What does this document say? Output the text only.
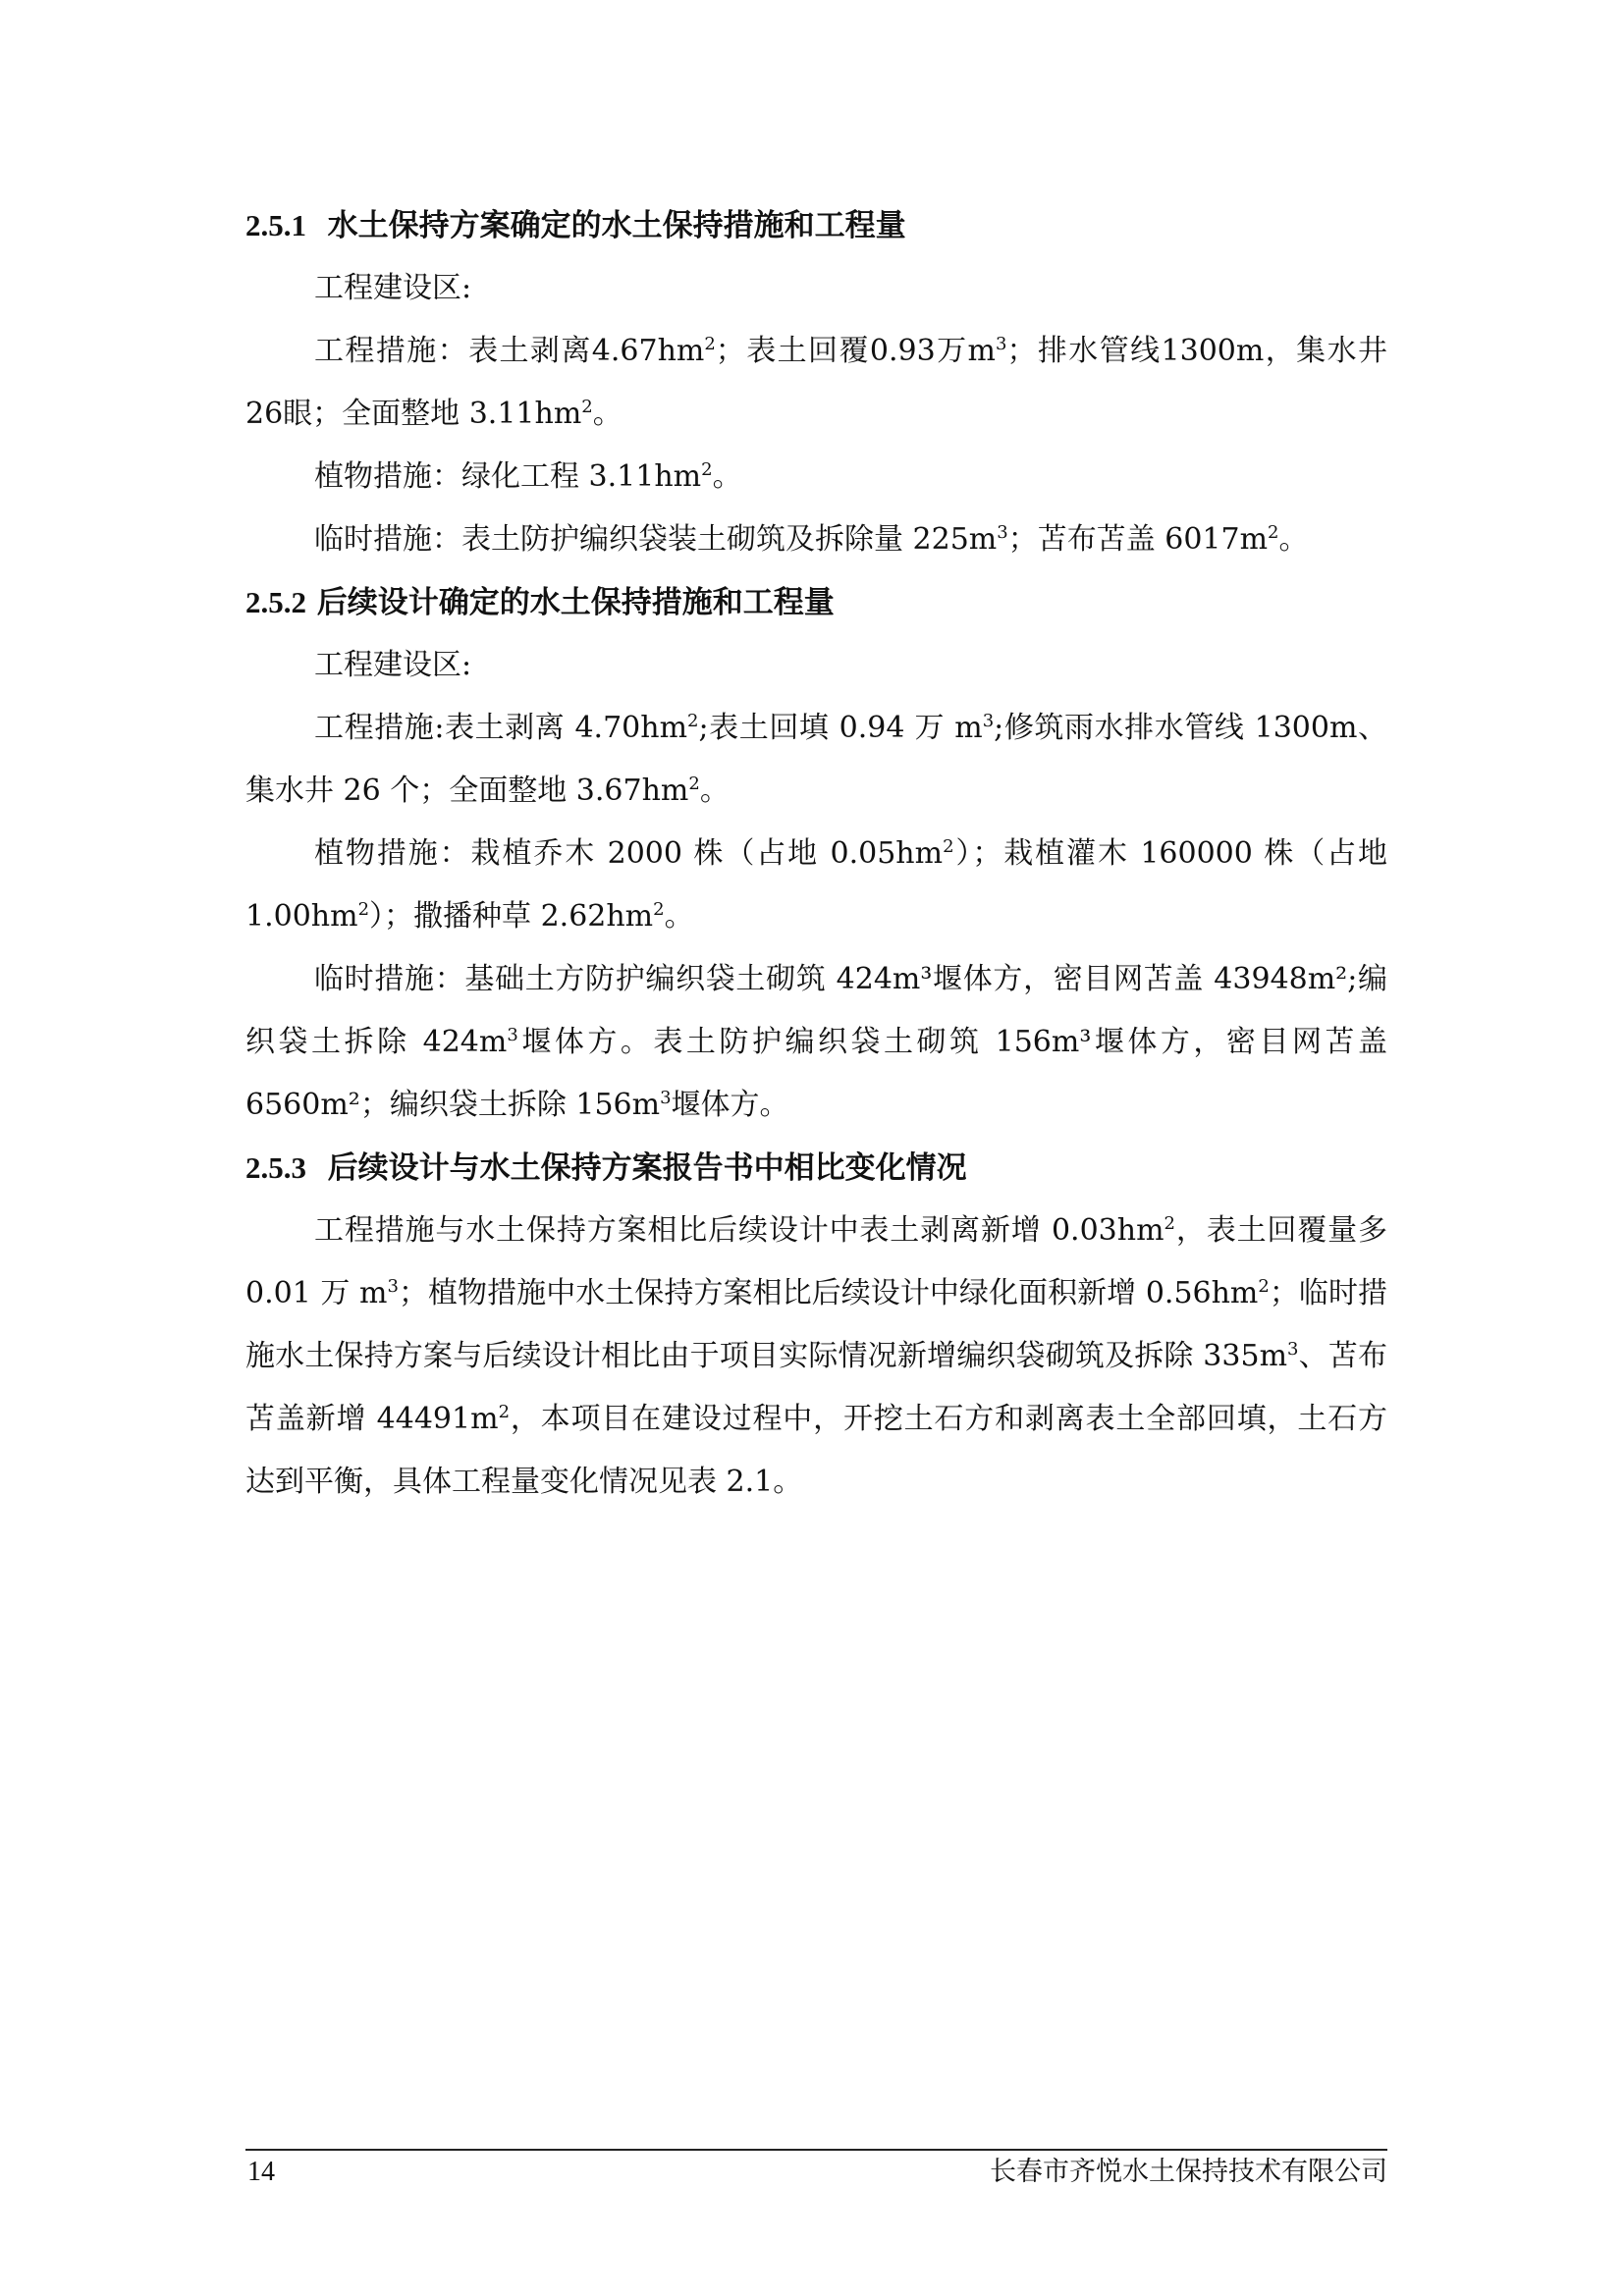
2.5.1 水土保持方案确定的水土保持措施和工程量

工程建设区:

工程措施：表土剥离$4.67hm^2$；表土回覆0.93万$m^3$；排水管线1300m，集水井26眼；全面整地 $3.11hm^2$。

植物措施：绿化工程 $3.11hm^2$。

临时措施：表土防护编织袋装土砌筑及拆除量 $225m^3$；苫布苫盖 $6017m^2$。

2.5.2 后续设计确定的水土保持措施和工程量

工程建设区:

工程措施:表土剥离 $4.70hm^2$;表土回填 0.94 万 $m^3$;修筑雨水排水管线 1300m、集水井 26 个；全面整地 $3.67hm^2$。

植物措施：栽植乔木 2000 株（占地 $0.05hm^2$）；栽植灌木 160000 株（占地 $1.00hm^2$）；撒播种草 $2.62hm^2$。

临时措施：基础土方防护编织袋土砌筑 424m³堰体方，密目网苫盖 43948m²;编织袋土拆除 $424m^3$堰体方。表土防护编织袋土砌筑 156m³堰体方，密目网苫盖 6560m²；编织袋土拆除 $156m^3$堰体方。

2.5.3 后续设计与水土保持方案报告书中相比变化情况

工程措施与水土保持方案相比后续设计中表土剥离新增 $0.03hm^2$，表土回覆量多 0.01 万 $m^3$；植物措施中水土保持方案相比后续设计中绿化面积新增 $0.56hm^2$；临时措施水土保持方案与后续设计相比由于项目实际情况新增编织袋砌筑及拆除 $335m^3$、苫布苫盖新增 $44491m^2$，本项目在建设过程中，开挖土石方和剥离表土全部回填，土石方达到平衡，具体工程量变化情况见表 2.1。

14	长春市齐悦水土保持技术有限公司
